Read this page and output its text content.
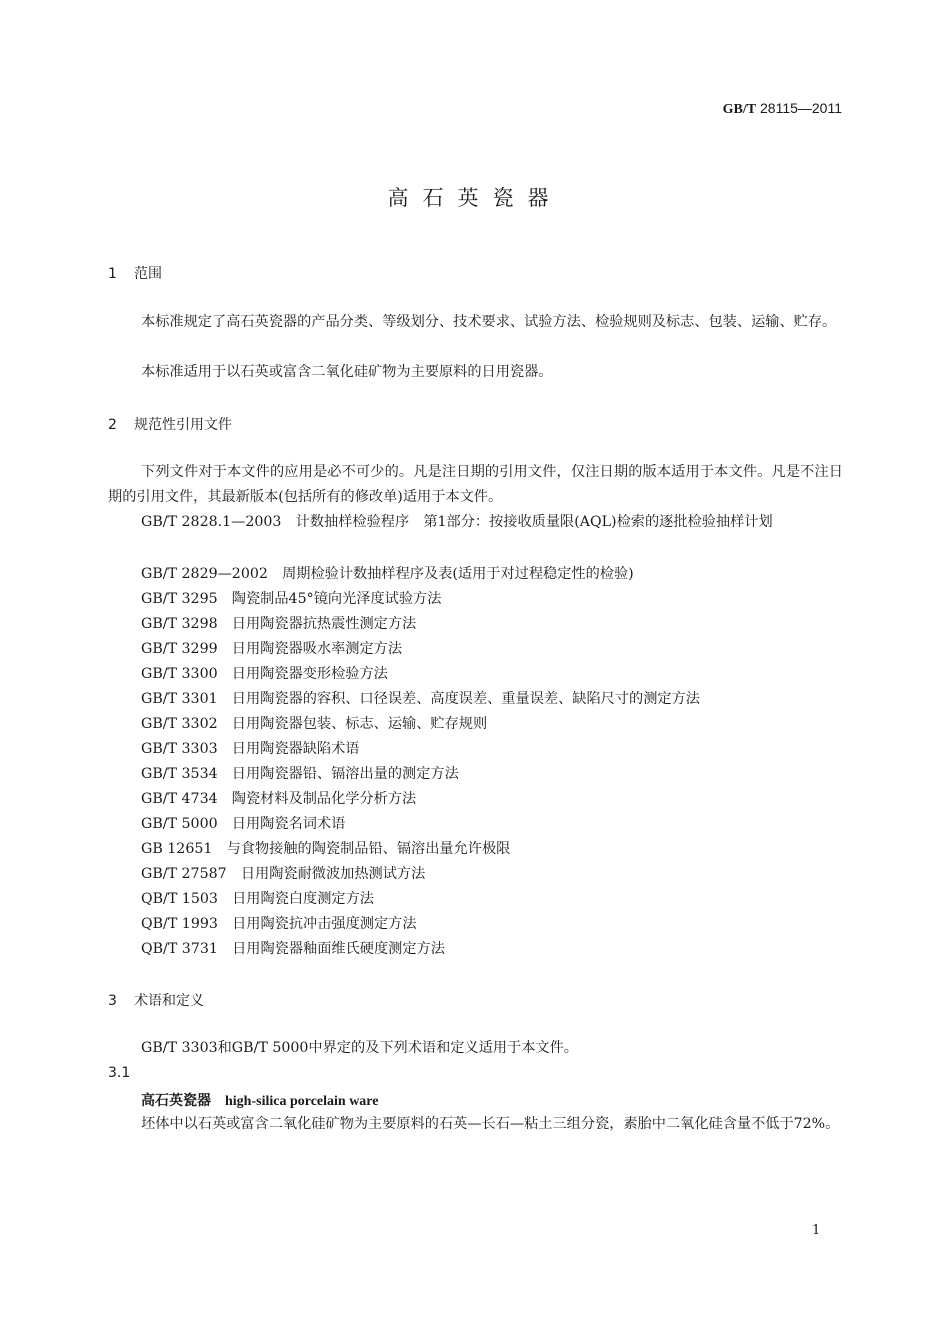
GB/T 28115—2011
高石英瓷器
1 范围
本标准规定了高石英瓷器的产品分类、等级划分、技术要求、试验方法、检验规则及标志、包装、运输、贮存。
本标准适用于以石英或富含二氧化硅矿物为主要原料的日用瓷器。
2 规范性引用文件
下列文件对于本文件的应用是必不可少的。凡是注日期的引用文件，仅注日期的版本适用于本文件。凡是不注日期的引用文件，其最新版本(包括所有的修改单)适用于本文件。
GB/T 2828.1—2003　计数抽样检验程序　第1部分：按接收质量限(AQL)检索的逐批检验抽样计划
GB/T 2829—2002　周期检验计数抽样程序及表(适用于对过程稳定性的检验)
GB/T 3295　陶瓷制品45°镜向光泽度试验方法
GB/T 3298　日用陶瓷器抗热震性测定方法
GB/T 3299　日用陶瓷器吸水率测定方法
GB/T 3300　日用陶瓷器变形检验方法
GB/T 3301　日用陶瓷器的容积、口径误差、高度误差、重量误差、缺陷尺寸的测定方法
GB/T 3302　日用陶瓷器包装、标志、运输、贮存规则
GB/T 3303　日用陶瓷器缺陷术语
GB/T 3534　日用陶瓷器铅、镉溶出量的测定方法
GB/T 4734　陶瓷材料及制品化学分析方法
GB/T 5000　日用陶瓷名词术语
GB 12651　与食物接触的陶瓷制品铅、镉溶出量允许极限
GB/T 27587　日用陶瓷耐微波加热测试方法
QB/T 1503　日用陶瓷白度测定方法
QB/T 1993　日用陶瓷抗冲击强度测定方法
QB/T 3731　日用陶瓷器釉面维氏硬度测定方法
3 术语和定义
GB/T 3303和GB/T 5000中界定的及下列术语和定义适用于本文件。
3.1
高石英瓷器 high-silica porcelain ware
坯体中以石英或富含二氧化硅矿物为主要原料的石英—长石—粘土三组分瓷，素胎中二氧化硅含量不低于72%。
1
